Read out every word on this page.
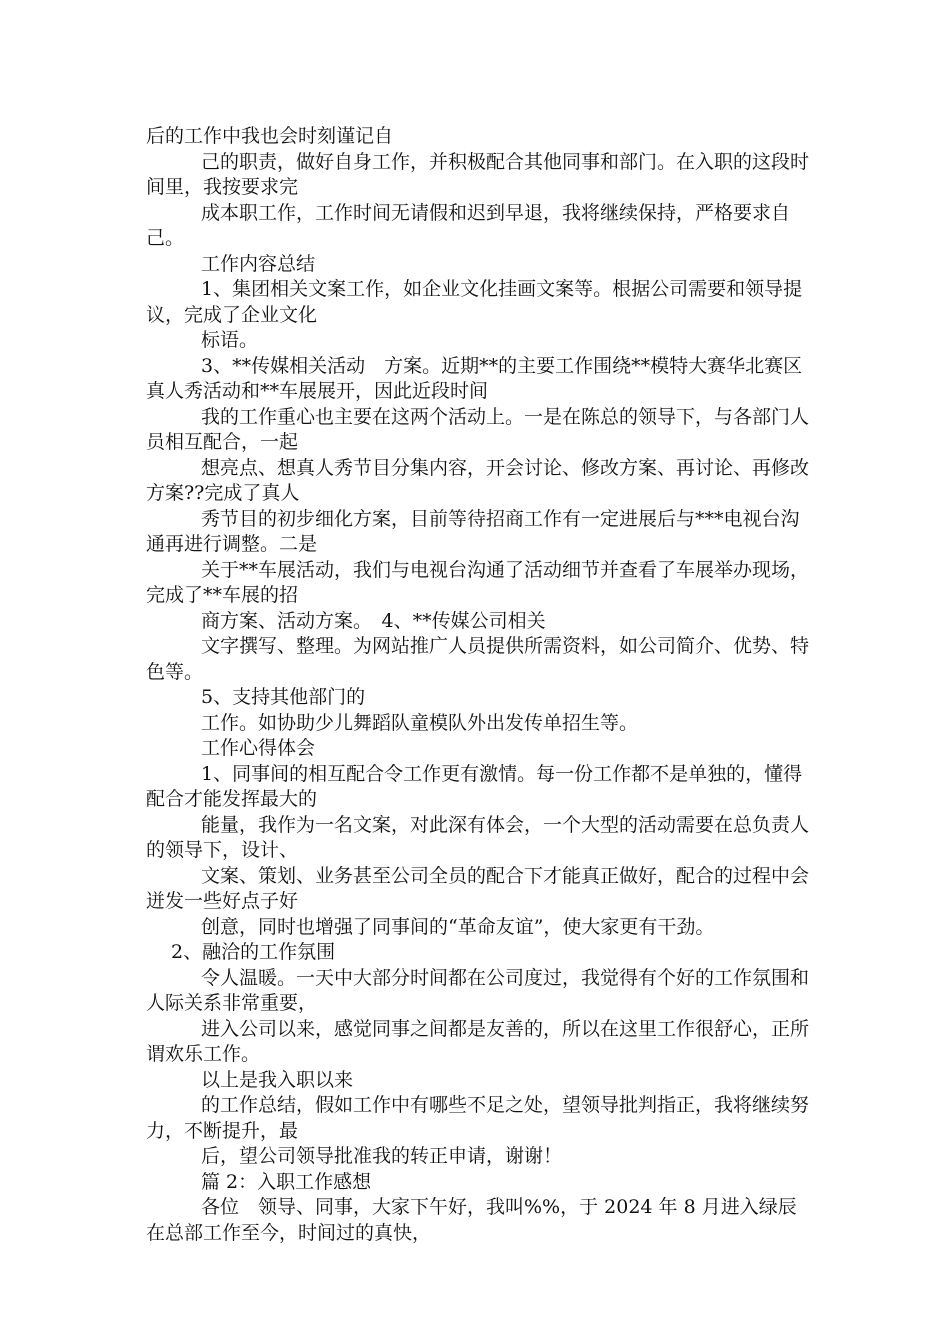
后的工作中我也会时刻谨记自

己的职责，做好自身工作，并积极配合其他同事和部门。在入职的这段时间里，我按要求完

成本职工作，工作时间无请假和迟到早退，我将继续保持，严格要求自己。

工作内容总结

1、集团相关文案工作，如企业文化挂画文案等。根据公司需要和领导提议，完成了企业文化

标语。

3、**传媒相关活动　方案。近期**的主要工作围绕**模特大赛华北赛区真人秀活动和**车展展开，因此近段时间

我的工作重心也主要在这两个活动上。一是在陈总的领导下，与各部门人员相互配合，一起

想亮点、想真人秀节目分集内容，开会讨论、修改方案、再讨论、再修改方案??完成了真人

秀节目的初步细化方案，目前等待招商工作有一定进展后与***电视台沟通再进行调整。二是

关于**车展活动，我们与电视台沟通了活动细节并查看了车展举办现场，完成了**车展的招

商方案、活动方案。　4、**传媒公司相关

文字撰写、整理。为网站推广人员提供所需资料，如公司简介、优势、特色等。

5、支持其他部门的

工作。如协助少儿舞蹈队童模队外出发传单招生等。

工作心得体会

1、同事间的相互配合令工作更有激情。每一份工作都不是单独的，懂得配合才能发挥最大的

能量，我作为一名文案，对此深有体会，一个大型的活动需要在总负责人的领导下，设计、

文案、策划、业务甚至公司全员的配合下才能真正做好，配合的过程中会迸发一些好点子好

创意，同时也增强了同事间的“革命友谊”，使大家更有干劲。

2、融洽的工作氛围

令人温暖。一天中大部分时间都在公司度过，我觉得有个好的工作氛围和人际关系非常重要，

进入公司以来，感觉同事之间都是友善的，所以在这里工作很舒心，正所谓欢乐工作。

以上是我入职以来

的工作总结，假如工作中有哪些不足之处，望领导批判指正，我将继续努力，不断提升，最

后，望公司领导批准我的转正申请，谢谢！

篇 2：入职工作感想

各位　领导、同事，大家下午好，我叫%%，于 2024 年 8 月进入绿辰在总部工作至今，时间过的真快，
